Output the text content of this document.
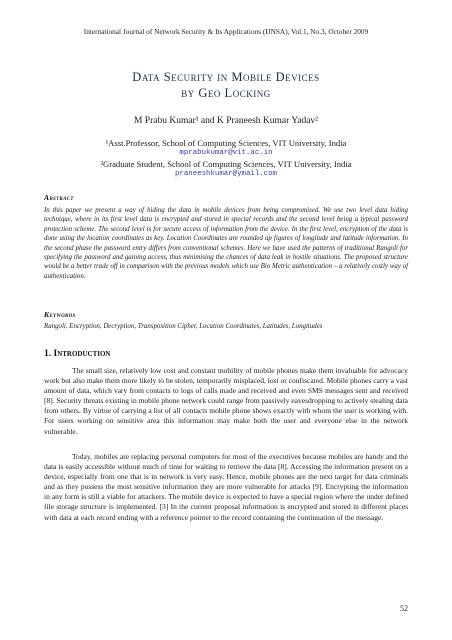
International Journal of Network Security & Its Applications (IJNSA), Vol.1, No.3, October 2009
Data Security in Mobile Devices
by Geo Locking
M Prabu Kumar¹ and K Praneesh Kumar Yadav²
¹Asst.Professor, School of Computing Sciences, VIT University, India
mprabukumar@vit.ac.in
²Graduate Student, School of Computing Sciences, VIT University, India
praneeshkumar@ymail.com
Abstract
In this paper we present a way of hiding the data in mobile devices from being compromised. We use two level data hiding technique, where in its first level data is encrypted and stored in special records and the second level being a typical password protection scheme. The second level is for secure access of information from the device. In the first level, encryption of the data is done using the location coordinates as key. Location Coordinates are rounded up figures of longitude and latitude information. In the second phase the password entry differs from conventional schemes. Here we have used the patterns of traditional Rangoli for specifying the password and gaining access, thus minimising the chances of data leak in hostile situations. The proposed structure would be a better trade off in comparison with the previous models which use Bio Metric authentication – a relatively costly way of authentication.
Keywords
Rangoli, Encryption, Decryption, Transposition Cipher, Location Coordinates, Latitudes, Longitudes
1. Introduction
The small size, relatively low cost and constant mobility of mobile phones make them invaluable for advocacy work but also make them more likely to be stolen, temporarily misplaced, lost or confiscated. Mobile phones carry a vast amount of data, which vary from contacts to logs of calls made and received and even SMS messages sent and received [8]. Security threats existing in mobile phone network could range from passively eavesdropping to actively stealing data from others. By virtue of carrying a list of all contacts mobile phone shows exactly with whom the user is working with. For users working on sensitive area this information may make both the user and everyone else in the network vulnerable.
Today, mobiles are replacing personal computers for most of the executives because mobiles are handy and the data is easily accessible without much of time for waiting to retrieve the data [8]. Accessing the information present on a device, especially from one that is in network is very easy. Hence, mobile phones are the next target for data criminals and as they possess the most sensitive information they are more vulnerable for attacks [9]. Encrypting the information in any form is still a viable for attackers. The mobile device is expected to have a special region where the under defined file storage structure is implemented. [3] In the current proposal information is encrypted and stored in different places with data at each record ending with a reference pointer to the record containing the continuation of the message.
52
